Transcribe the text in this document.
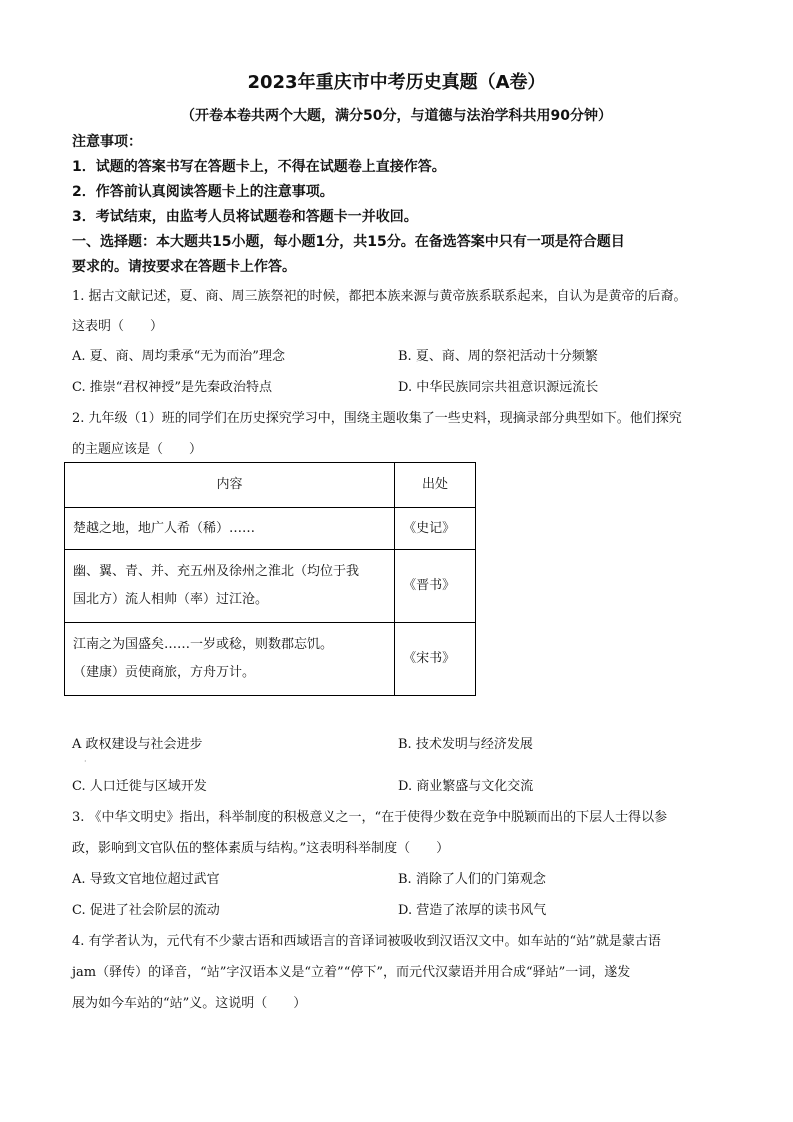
2023年重庆市中考历史真题（A卷）
（开卷本卷共两个大题，满分50分，与道德与法治学科共用90分钟）
注意事项：
1．试题的答案书写在答题卡上，不得在试题卷上直接作答。
2．作答前认真阅读答题卡上的注意事项。
3．考试结束，由监考人员将试题卷和答题卡一并收回。
一、选择题：本大题共15小题，每小题1分，共15分。在备选答案中只有一项是符合题目
要求的。请按要求在答题卡上作答。
1. 据古文献记述，夏、商、周三族祭祀的时候，都把本族来源与黄帝族系联系起来，自认为是黄帝的后裔。
这表明（　　）
A. 夏、商、周均秉承“无为而治”理念	B. 夏、商、周的祭祀活动十分频繁
C. 推崇“君权神授”是先秦政治特点	D. 中华民族同宗共祖意识源远流长
2. 九年级（1）班的同学们在历史探究学习中，围绕主题收集了一些史料，现摘录部分典型如下。他们探究
的主题应该是（　　）
内容	出处
楚越之地，地广人希（稀）……	《史记》

幽、翼、青、并、充五州及徐州之淮北（均位于我
国北方）流人相帅（率）过江沧。	《晋书》

江南之为国盛矣……一岁或稔，则数郡忘饥。
（建康）贡使商旅，方舟万计。	《宋书》
A 政权建设与社会进步
·
B. 技术发明与经济发展
C. 人口迁徙与区域开发	D. 商业繁盛与文化交流
3. 《中华文明史》指出，科举制度的积极意义之一，“在于使得少数在竞争中脱颖而出的下层人士得以参
政，影响到文官队伍的整体素质与结构。”这表明科举制度（　　）
A. 导致文官地位超过武官	B. 消除了人们的门第观念
C. 促进了社会阶层的流动	D. 营造了浓厚的读书风气
4. 有学者认为，元代有不少蒙古语和西域语言的音译词被吸收到汉语汉文中。如车站的“站”就是蒙古语
jam（驿传）的译音，“站”字汉语本义是“立着”“停下”，而元代汉蒙语并用合成“驿站”一词，遂发
展为如今车站的“站”义。这说明（　　）
